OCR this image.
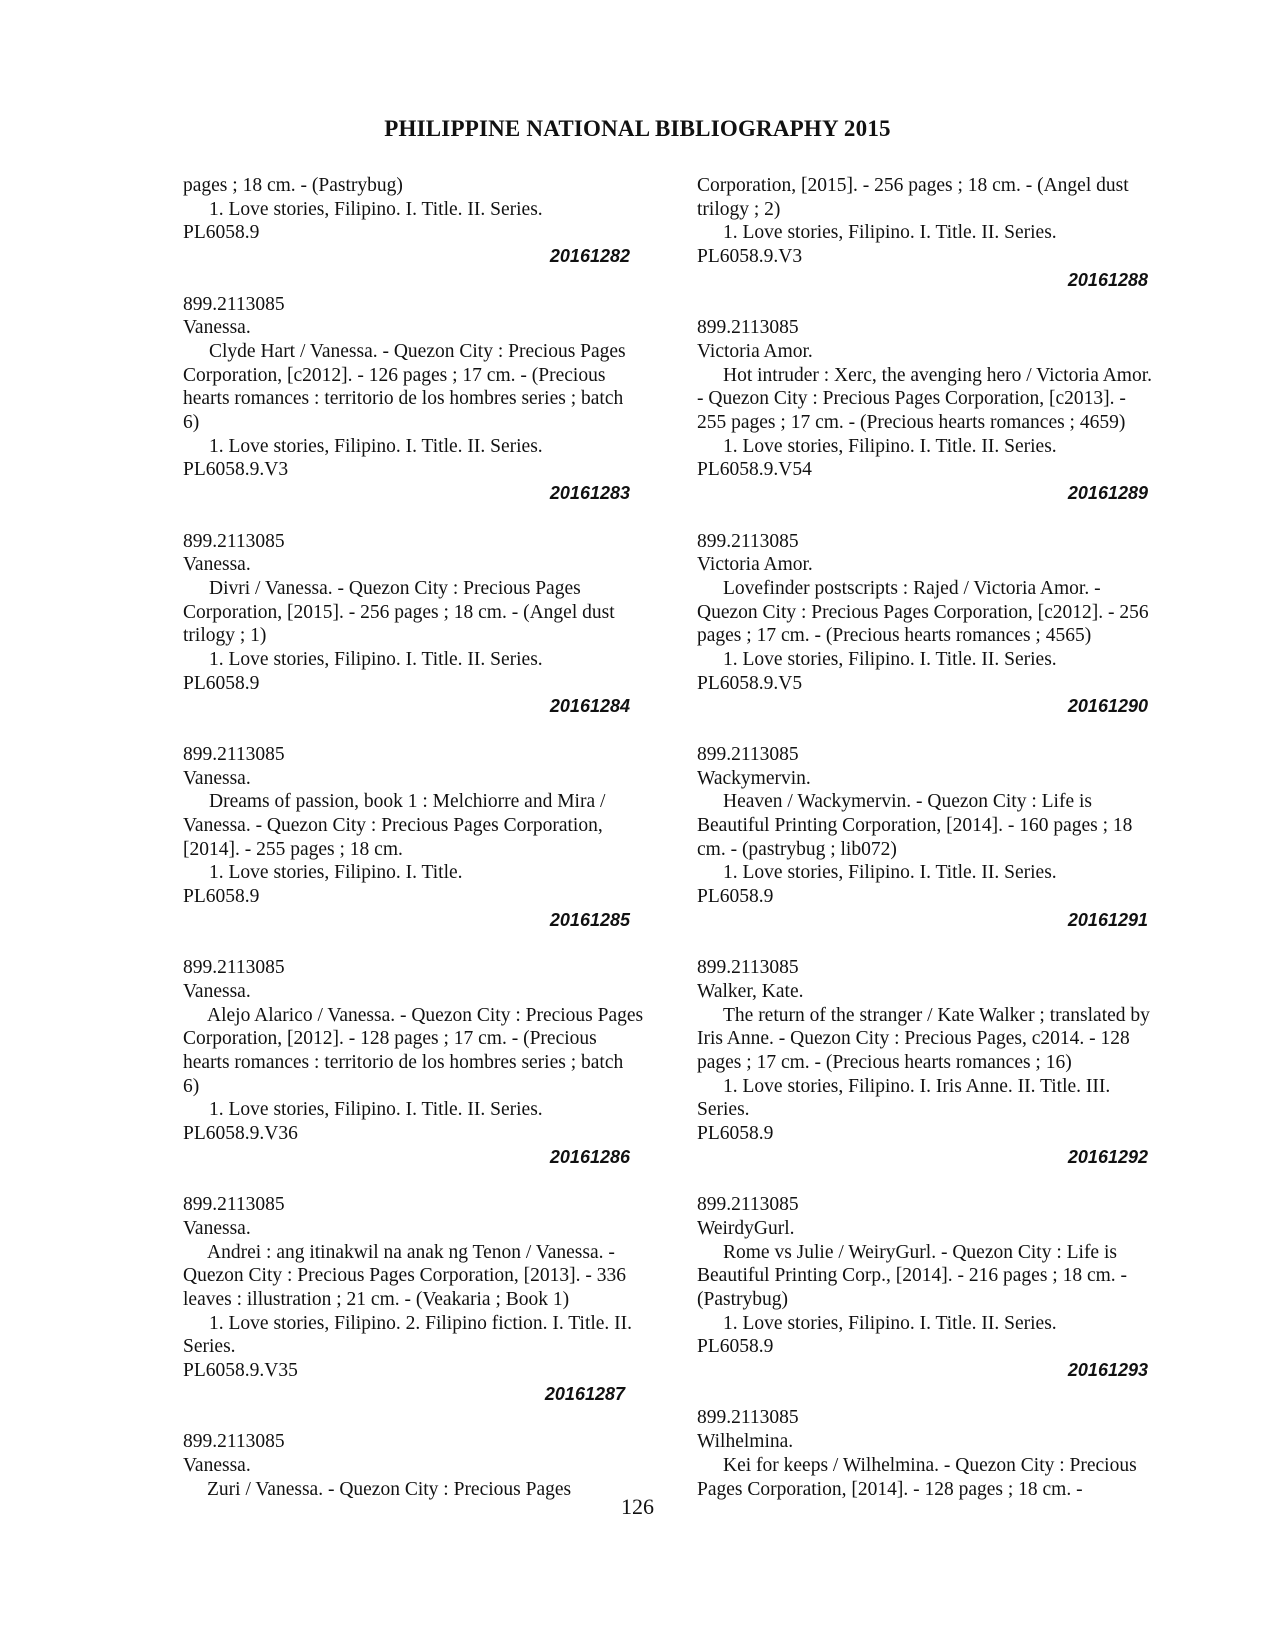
PHILIPPINE NATIONAL BIBLIOGRAPHY 2015
pages ; 18 cm. - (Pastrybug)
1. Love stories, Filipino. I. Title. II. Series.
PL6058.9
20161282
899.2113085
Vanessa.
Clyde Hart / Vanessa. - Quezon City : Precious Pages
Corporation, [c2012]. - 126 pages ; 17 cm. - (Precious
hearts romances : territorio de los hombres series ; batch
6)
1. Love stories, Filipino. I. Title. II. Series.
PL6058.9.V3
20161283
899.2113085
Vanessa.
Divri / Vanessa. - Quezon City : Precious Pages
Corporation, [2015]. - 256 pages ; 18 cm. - (Angel dust
trilogy ; 1)
1. Love stories, Filipino. I. Title. II. Series.
PL6058.9
20161284
899.2113085
Vanessa.
Dreams of passion, book 1 : Melchiorre and Mira /
Vanessa. - Quezon City : Precious Pages Corporation,
[2014]. - 255 pages ; 18 cm.
1. Love stories, Filipino. I. Title.
PL6058.9
20161285
899.2113085
Vanessa.
Alejo Alarico / Vanessa. - Quezon City : Precious Pages
Corporation, [2012]. - 128 pages ; 17 cm. - (Precious
hearts romances : territorio de los hombres series ; batch
6)
1. Love stories, Filipino. I. Title. II. Series.
PL6058.9.V36
20161286
899.2113085
Vanessa.
Andrei : ang itinakwil na anak ng Tenon / Vanessa. -
Quezon City : Precious Pages Corporation, [2013]. - 336
leaves : illustration ; 21 cm. - (Veakaria ; Book 1)
1. Love stories, Filipino. 2. Filipino fiction. I. Title. II.
Series.
PL6058.9.V35
20161287
899.2113085
Vanessa.
Zuri / Vanessa. - Quezon City : Precious Pages
Corporation, [2015]. - 256 pages ; 18 cm. - (Angel dust
trilogy ; 2)
1. Love stories, Filipino. I. Title. II. Series.
PL6058.9.V3
20161288
899.2113085
Victoria Amor.
Hot intruder : Xerc, the avenging hero / Victoria Amor.
- Quezon City : Precious Pages Corporation, [c2013]. -
255 pages ; 17 cm. - (Precious hearts romances ; 4659)
1. Love stories, Filipino. I. Title. II. Series.
PL6058.9.V54
20161289
899.2113085
Victoria Amor.
Lovefinder postscripts : Rajed / Victoria Amor. -
Quezon City : Precious Pages Corporation, [c2012]. - 256
pages ; 17 cm. - (Precious hearts romances ; 4565)
1. Love stories, Filipino. I. Title. II. Series.
PL6058.9.V5
20161290
899.2113085
Wackymervin.
Heaven / Wackymervin. - Quezon City : Life is
Beautiful Printing Corporation, [2014]. - 160 pages ; 18
cm. - (pastrybug ; lib072)
1. Love stories, Filipino. I. Title. II. Series.
PL6058.9
20161291
899.2113085
Walker, Kate.
The return of the stranger / Kate Walker ; translated by
Iris Anne. - Quezon City : Precious Pages, c2014. - 128
pages ; 17 cm. - (Precious hearts romances ; 16)
1. Love stories, Filipino. I. Iris Anne. II. Title. III.
Series.
PL6058.9
20161292
899.2113085
WeirdyGurl.
Rome vs Julie / WeiryGurl. - Quezon City : Life is
Beautiful Printing Corp., [2014]. - 216 pages ; 18 cm. -
(Pastrybug)
1. Love stories, Filipino. I. Title. II. Series.
PL6058.9
20161293
899.2113085
Wilhelmina.
Kei for keeps / Wilhelmina. - Quezon City : Precious
Pages Corporation, [2014]. - 128 pages ; 18 cm. -
126
